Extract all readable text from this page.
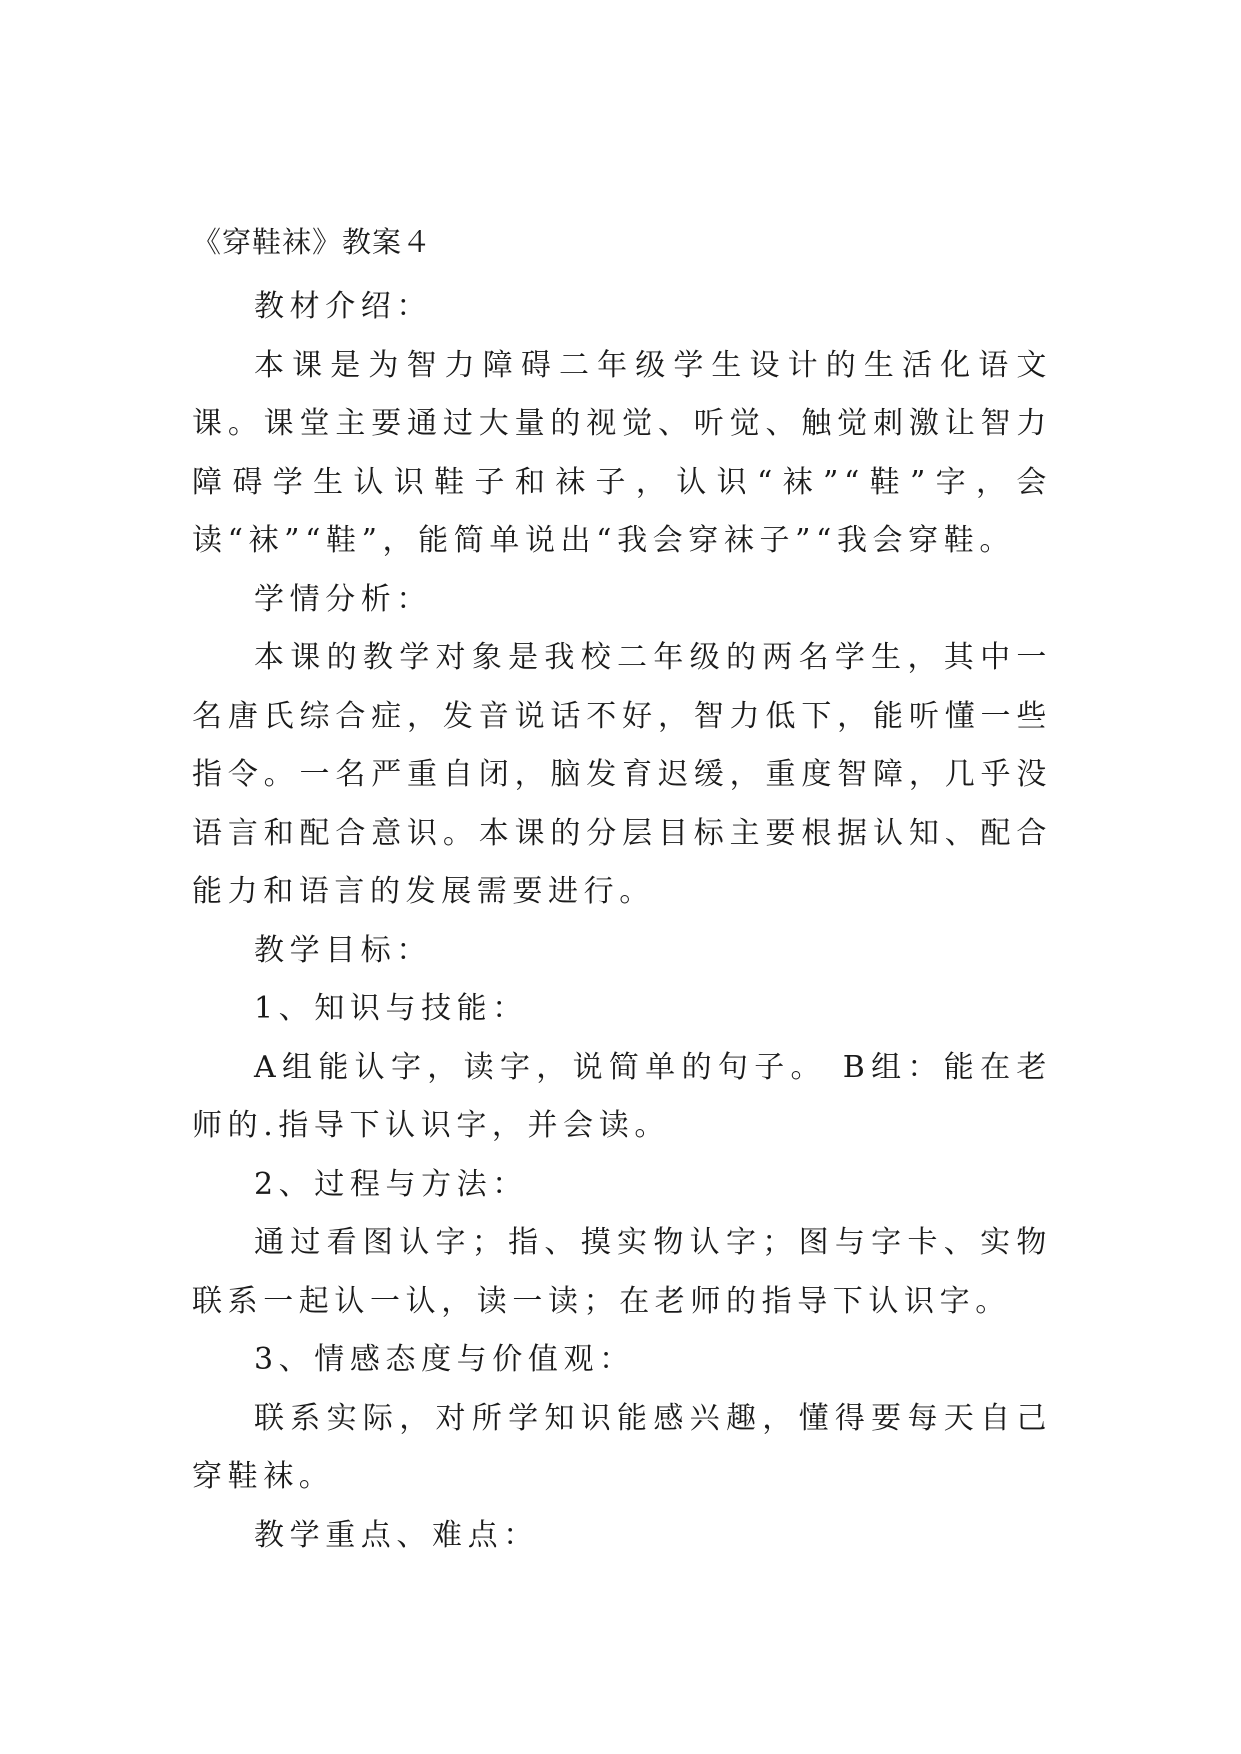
《穿鞋袜》教案４

教材介绍：

本课是为智力障碍二年级学生设计的生活化语文课。课堂主要通过大量的视觉、听觉、触觉刺激让智力障碍学生认识鞋子和袜子，认识“袜”“鞋”字，会读“袜”“鞋”，能简单说出“我会穿袜子”“我会穿鞋。

学情分析：

本课的教学对象是我校二年级的两名学生，其中一名唐氏综合症，发音说话不好，智力低下，能听懂一些指令。一名严重自闭，脑发育迟缓，重度智障，几乎没语言和配合意识。本课的分层目标主要根据认知、配合能力和语言的发展需要进行。

教学目标：

1、知识与技能：

A组能认字，读字，说简单的句子。 B组：能在老师的.指导下认识字，并会读。

2、过程与方法：

通过看图认字；指、摸实物认字；图与字卡、实物联系一起认一认，读一读；在老师的指导下认识字。

3、情感态度与价值观：

联系实际，对所学知识能感兴趣，懂得要每天自己穿鞋袜。

教学重点、难点：
